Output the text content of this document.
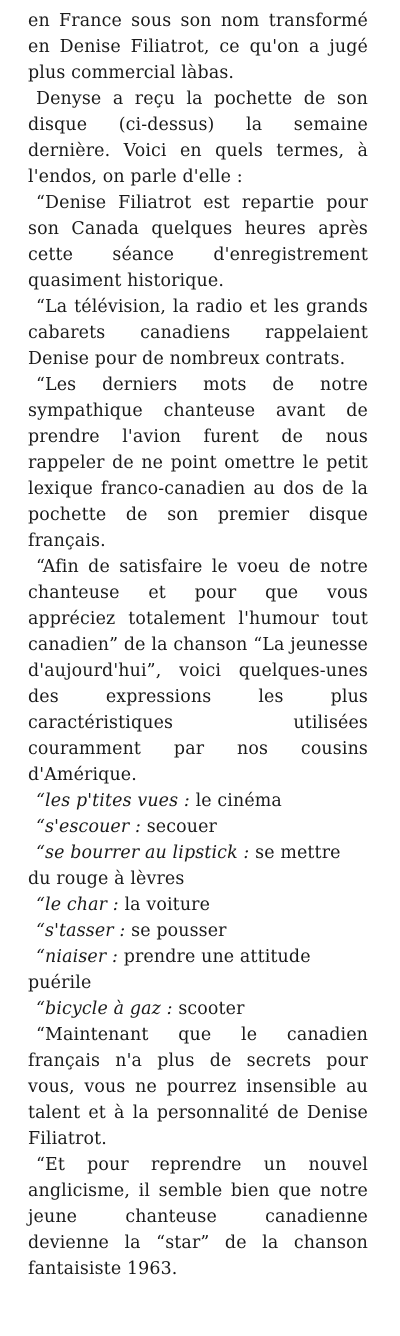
en France sous son nom transformé en Denise Filiatrot, ce qu'on a jugé plus commercial làbas.

Denyse a reçu la pochette de son disque (ci-dessus) la semaine dernière. Voici en quels termes, à l'endos, on parle d'elle :

“Denise Filiatrot est repartie pour son Canada quelques heures après cette séance d'enregistrement quasiment historique.

“La télévision, la radio et les grands cabarets canadiens rappelaient Denise pour de nombreux contrats.

“Les derniers mots de notre sympathique chanteuse avant de prendre l'avion furent de nous rappeler de ne point omettre le petit lexique franco-canadien au dos de la pochette de son premier disque français.

“Afin de satisfaire le voeu de notre chanteuse et pour que vous appréciez totalement l'humour tout canadien” de la chanson “La jeunesse d'aujourd'hui”, voici quelques-unes des expressions les plus caractéristiques utilisées couramment par nos cousins d'Amérique.

“les p'tites vues : le cinéma

“s'escouer : secouer

“se bourrer au lipstick : se mettre du rouge à lèvres

“le char : la voiture

“s'tasser : se pousser

“niaiser : prendre une attitude puérile

“bicycle à gaz : scooter

“Maintenant que le canadien français n'a plus de secrets pour vous, vous ne pourrez insensible au talent et à la personnalité de Denise Filiatrot.

“Et pour reprendre un nouvel anglicisme, il semble bien que notre jeune chanteuse canadienne devienne la “star” de la chanson fantaisiste 1963.
